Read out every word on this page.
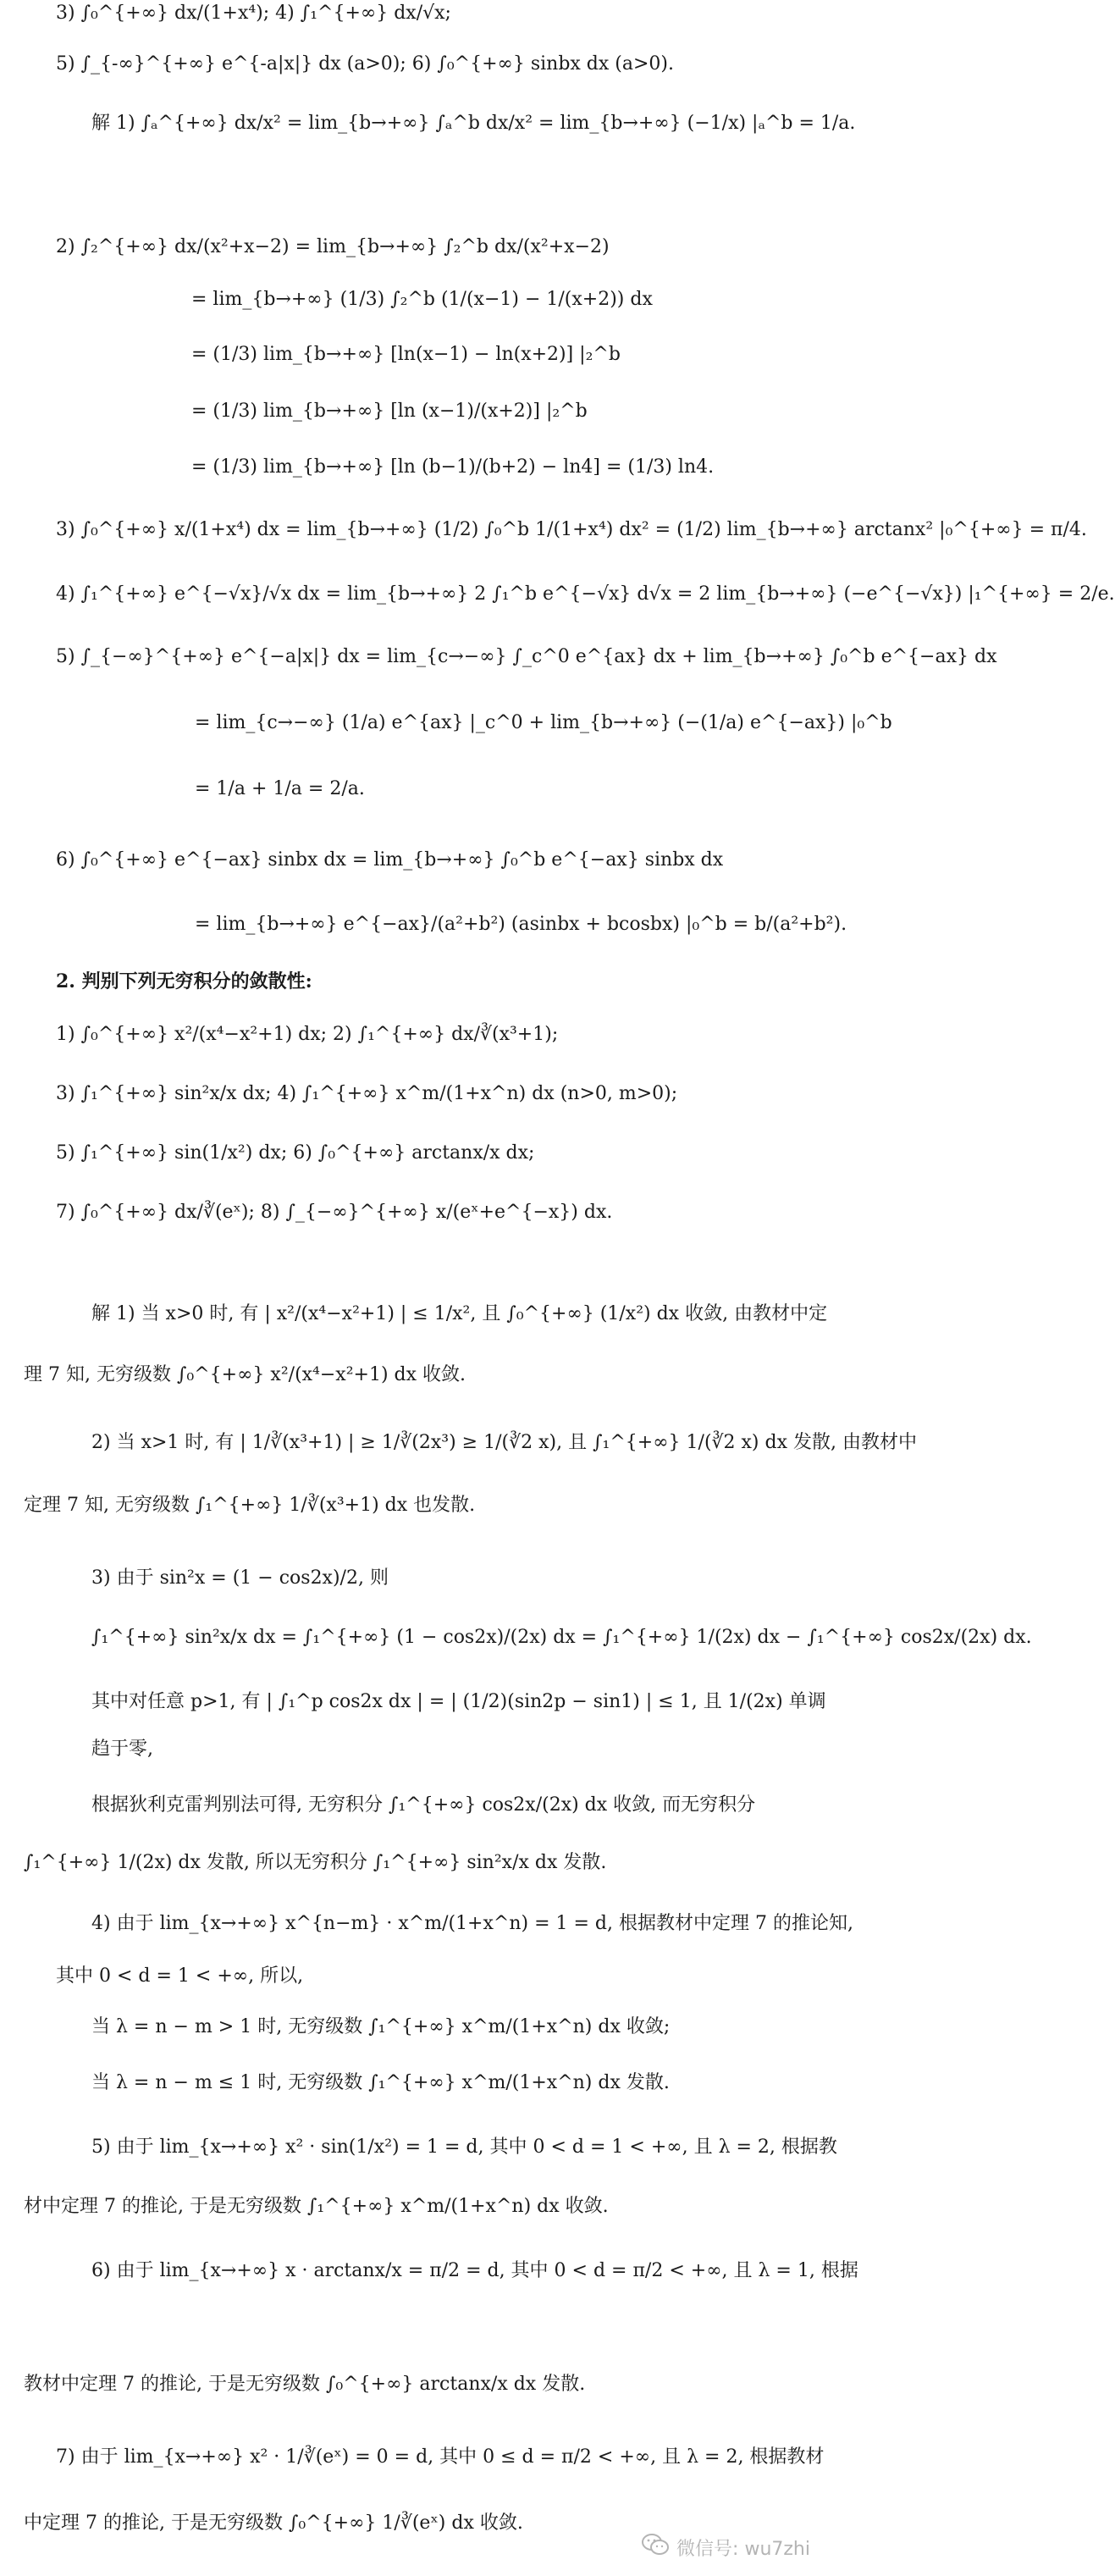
3) ∫₀^{+∞} dx/(1+x⁴); 4) ∫₁^{+∞} dx/√x;
5) ∫_{-∞}^{+∞} e^{-a|x|} dx (a>0); 6) ∫₀^{+∞} sinbx dx (a>0).
解 1) ∫ₐ^{+∞} dx/x² = lim_{b→+∞} ∫ₐ^b dx/x² = lim_{b→+∞} (−1/x) |ₐ^b = 1/a.
2) ∫₂^{+∞} dx/(x²+x−2) = lim_{b→+∞} ∫₂^b dx/(x²+x−2)
= lim_{b→+∞} (1/3) ∫₂^b (1/(x−1) − 1/(x+2)) dx
= (1/3) lim_{b→+∞} [ln(x−1) − ln(x+2)] |₂^b
= (1/3) lim_{b→+∞} [ln (x−1)/(x+2)] |₂^b
= (1/3) lim_{b→+∞} [ln (b−1)/(b+2) − ln4] = (1/3) ln4.
3) ∫₀^{+∞} x/(1+x⁴) dx = lim_{b→+∞} (1/2) ∫₀^b 1/(1+x⁴) dx² = (1/2) lim_{b→+∞} arctanx² |₀^{+∞} = π/4.
4) ∫₁^{+∞} e^{−√x}/√x dx = lim_{b→+∞} 2 ∫₁^b e^{−√x} d√x = 2 lim_{b→+∞} (−e^{−√x}) |₁^{+∞} = 2/e.
5) ∫_{−∞}^{+∞} e^{−a|x|} dx = lim_{c→−∞} ∫_c^0 e^{ax} dx + lim_{b→+∞} ∫₀^b e^{−ax} dx
= lim_{c→−∞} (1/a) e^{ax} |_c^0 + lim_{b→+∞} (−(1/a) e^{−ax}) |₀^b
= 1/a + 1/a = 2/a.
6) ∫₀^{+∞} e^{−ax} sinbx dx = lim_{b→+∞} ∫₀^b e^{−ax} sinbx dx
= lim_{b→+∞} e^{−ax}/(a²+b²) (asinbx + bcosbx) |₀^b = b/(a²+b²).
2. 判别下列无穷积分的敛散性:
1) ∫₀^{+∞} x²/(x⁴−x²+1) dx; 2) ∫₁^{+∞} dx/∛(x³+1);
3) ∫₁^{+∞} sin²x/x dx; 4) ∫₁^{+∞} x^m/(1+x^n) dx (n>0, m>0);
5) ∫₁^{+∞} sin(1/x²) dx; 6) ∫₀^{+∞} arctanx/x dx;
7) ∫₀^{+∞} dx/∛(eˣ); 8) ∫_{−∞}^{+∞} x/(eˣ+e^{−x}) dx.
解 1) 当 x>0 时, 有 | x²/(x⁴−x²+1) | ≤ 1/x², 且 ∫₀^{+∞} (1/x²) dx 收敛, 由教材中定
理 7 知, 无穷级数 ∫₀^{+∞} x²/(x⁴−x²+1) dx 收敛.
2) 当 x>1 时, 有 | 1/∛(x³+1) | ≥ 1/∛(2x³) ≥ 1/(∛2 x), 且 ∫₁^{+∞} 1/(∛2 x) dx 发散, 由教材中
定理 7 知, 无穷级数 ∫₁^{+∞} 1/∛(x³+1) dx 也发散.
3) 由于 sin²x = (1 − cos2x)/2, 则
∫₁^{+∞} sin²x/x dx = ∫₁^{+∞} (1 − cos2x)/(2x) dx = ∫₁^{+∞} 1/(2x) dx − ∫₁^{+∞} cos2x/(2x) dx.
其中对任意 p>1, 有 | ∫₁^p cos2x dx | = | (1/2)(sin2p − sin1) | ≤ 1, 且 1/(2x) 单调
趋于零,
根据狄利克雷判别法可得, 无穷积分 ∫₁^{+∞} cos2x/(2x) dx 收敛, 而无穷积分
∫₁^{+∞} 1/(2x) dx 发散, 所以无穷积分 ∫₁^{+∞} sin²x/x dx 发散.
4) 由于 lim_{x→+∞} x^{n−m} · x^m/(1+x^n) = 1 = d, 根据教材中定理 7 的推论知,
其中 0 < d = 1 < +∞, 所以,
当 λ = n − m > 1 时, 无穷级数 ∫₁^{+∞} x^m/(1+x^n) dx 收敛;
当 λ = n − m ≤ 1 时, 无穷级数 ∫₁^{+∞} x^m/(1+x^n) dx 发散.
5) 由于 lim_{x→+∞} x² · sin(1/x²) = 1 = d, 其中 0 < d = 1 < +∞, 且 λ = 2, 根据教
材中定理 7 的推论, 于是无穷级数 ∫₁^{+∞} x^m/(1+x^n) dx 收敛.
6) 由于 lim_{x→+∞} x · arctanx/x = π/2 = d, 其中 0 < d = π/2 < +∞, 且 λ = 1, 根据
教材中定理 7 的推论, 于是无穷级数 ∫₀^{+∞} arctanx/x dx 发散.
7) 由于 lim_{x→+∞} x² · 1/∛(eˣ) = 0 = d, 其中 0 ≤ d = π/2 < +∞, 且 λ = 2, 根据教材
中定理 7 的推论, 于是无穷级数 ∫₀^{+∞} 1/∛(eˣ) dx 收敛.
微信号: wu7zhi
